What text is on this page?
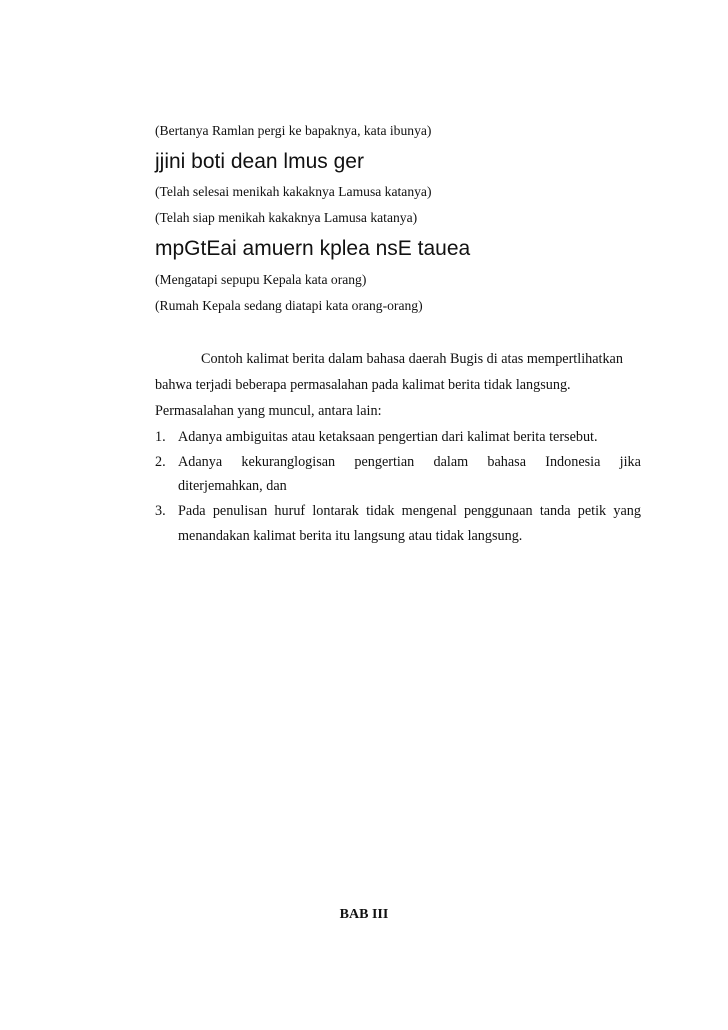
(Bertanya Ramlan pergi ke bapaknya, kata ibunya)
jjini boti dean lmus ger
(Telah selesai menikah kakaknya Lamusa katanya)
(Telah siap menikah kakaknya Lamusa katanya)
mpGtEai amuern kplea nsE tauea
(Mengatapi sepupu Kepala kata orang)
(Rumah Kepala sedang diatapi kata orang-orang)
Contoh kalimat berita dalam bahasa daerah Bugis di atas mempertlihatkan
bahwa terjadi beberapa permasalahan pada kalimat berita tidak langsung.
Permasalahan yang muncul, antara lain:
1. Adanya ambiguitas atau ketaksaan pengertian dari kalimat berita tersebut.
2. Adanya kekuranglogisan pengertian dalam bahasa Indonesia jika
diterjemahkan, dan
3. Pada penulisan huruf lontarak tidak mengenal penggunaan tanda petik yang
menandakan kalimat berita itu langsung atau tidak langsung.
BAB III
